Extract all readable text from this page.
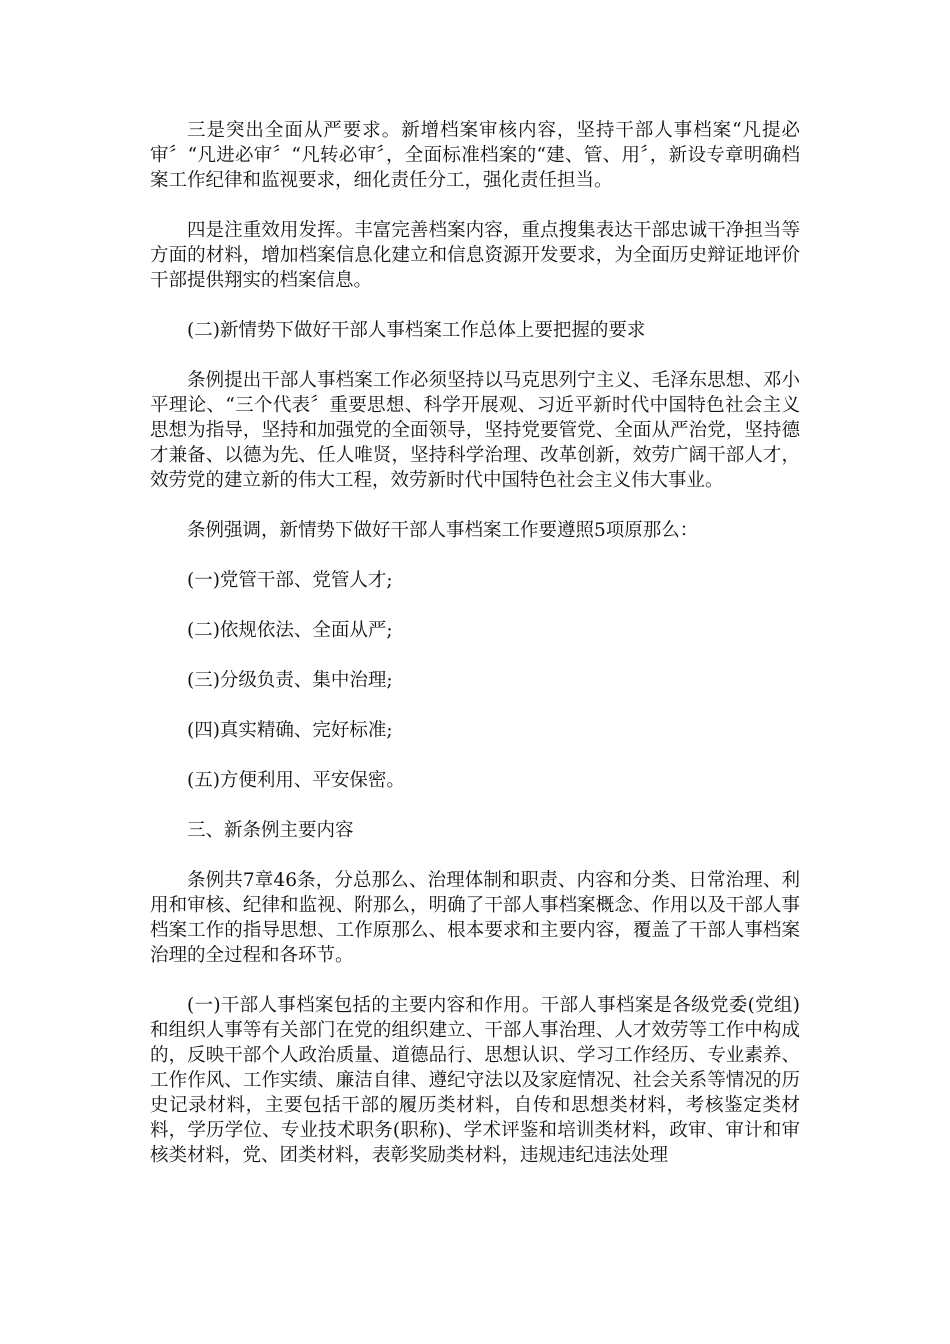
三是突出全面从严要求。新增档案审核内容，坚持干部人事档案“凡提必审〞“凡进必审〞“凡转必审〞，全面标准档案的“建、管、用〞，新设专章明确档案工作纪律和监视要求，细化责任分工，强化责任担当。

四是注重效用发挥。丰富完善档案内容，重点搜集表达干部忠诚干净担当等方面的材料，增加档案信息化建立和信息资源开发要求，为全面历史辩证地评价干部提供翔实的档案信息。

(二)新情势下做好干部人事档案工作总体上要把握的要求

条例提出干部人事档案工作必须坚持以马克思列宁主义、毛泽东思想、邓小平理论、“三个代表〞重要思想、科学开展观、习近平新时代中国特色社会主义思想为指导，坚持和加强党的全面领导，坚持党要管党、全面从严治党，坚持德才兼备、以德为先、任人唯贤，坚持科学治理、改革创新，效劳广阔干部人才，效劳党的建立新的伟大工程，效劳新时代中国特色社会主义伟大事业。

条例强调，新情势下做好干部人事档案工作要遵照5项原那么：

(一)党管干部、党管人才;

(二)依规依法、全面从严;

(三)分级负责、集中治理;

(四)真实精确、完好标准;

(五)方便利用、平安保密。

三、新条例主要内容

条例共7章46条，分总那么、治理体制和职责、内容和分类、日常治理、利用和审核、纪律和监视、附那么，明确了干部人事档案概念、作用以及干部人事档案工作的指导思想、工作原那么、根本要求和主要内容，覆盖了干部人事档案治理的全过程和各环节。

(一)干部人事档案包括的主要内容和作用。干部人事档案是各级党委(党组)和组织人事等有关部门在党的组织建立、干部人事治理、人才效劳等工作中构成的，反映干部个人政治质量、道德品行、思想认识、学习工作经历、专业素养、工作作风、工作实绩、廉洁自律、遵纪守法以及家庭情况、社会关系等情况的历史记录材料，主要包括干部的履历类材料，自传和思想类材料，考核鉴定类材料，学历学位、专业技术职务(职称)、学术评鉴和培训类材料，政审、审计和审核类材料，党、团类材料，表彰奖励类材料，违规违纪违法处理
